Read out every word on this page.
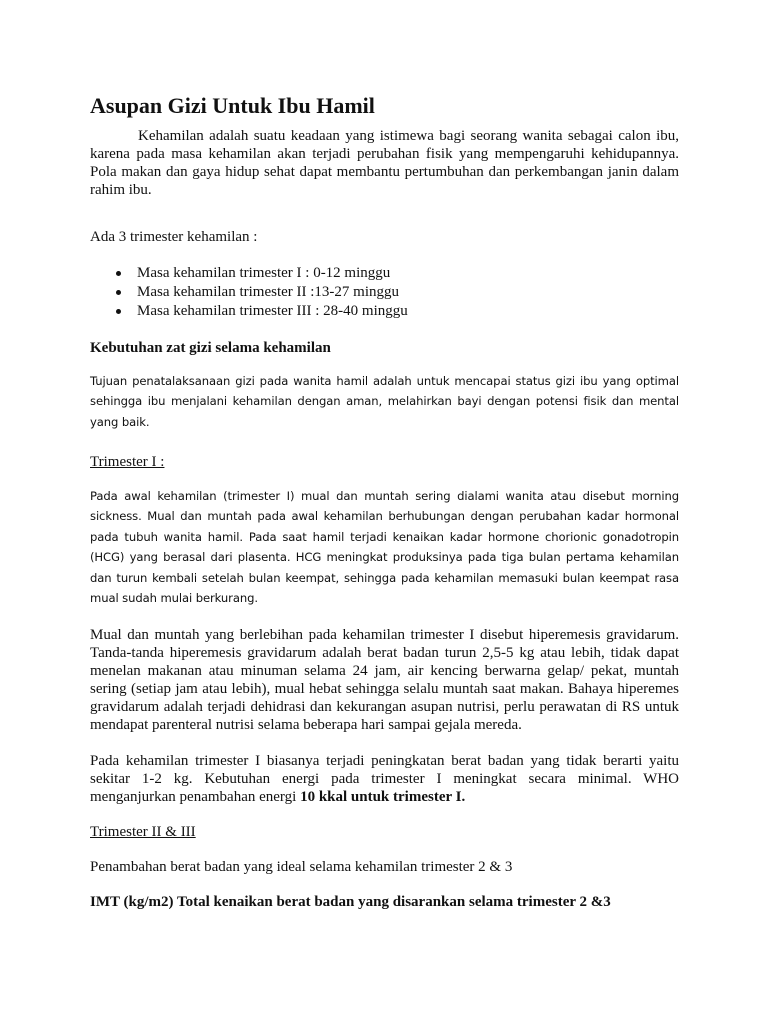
Asupan Gizi Untuk Ibu Hamil

Kehamilan adalah suatu keadaan yang istimewa bagi seorang wanita sebagai calon ibu, karena pada masa kehamilan akan terjadi perubahan fisik yang mempengaruhi kehidupannya. Pola makan dan gaya hidup sehat dapat membantu pertumbuhan dan perkembangan janin dalam rahim ibu.

Ada 3 trimester kehamilan :

Masa kehamilan trimester I : 0-12 minggu
Masa kehamilan trimester II :13-27 minggu
Masa kehamilan trimester III : 28-40 minggu

Kebutuhan zat gizi selama kehamilan

Tujuan penatalaksanaan gizi pada wanita hamil adalah untuk mencapai status gizi ibu yang optimal sehingga ibu menjalani kehamilan dengan aman, melahirkan bayi dengan potensi fisik dan mental yang baik.

Trimester I :

Pada awal kehamilan (trimester I) mual dan muntah sering dialami wanita atau disebut morning sickness. Mual dan muntah pada awal kehamilan berhubungan dengan perubahan kadar hormonal pada tubuh wanita hamil. Pada saat hamil terjadi kenaikan kadar hormone chorionic gonadotropin (HCG) yang berasal dari plasenta. HCG meningkat produksinya pada tiga bulan pertama kehamilan dan turun kembali setelah bulan keempat, sehingga pada kehamilan memasuki bulan keempat rasa mual sudah mulai berkurang.

Mual dan muntah yang berlebihan pada kehamilan trimester I disebut hiperemesis gravidarum. Tanda-tanda hiperemesis gravidarum adalah berat badan turun 2,5-5 kg atau lebih, tidak dapat menelan makanan atau minuman selama 24 jam, air kencing berwarna gelap/ pekat, muntah sering (setiap jam atau lebih), mual hebat sehingga selalu muntah saat makan. Bahaya hiperemes gravidarum adalah terjadi dehidrasi dan kekurangan asupan nutrisi, perlu perawatan di RS untuk mendapat parenteral nutrisi selama beberapa hari sampai gejala mereda.

Pada kehamilan trimester I biasanya terjadi peningkatan berat badan yang tidak berarti yaitu sekitar 1-2 kg. Kebutuhan energi pada trimester I meningkat secara minimal. WHO menganjurkan penambahan energi 10 kkal untuk trimester I.

Trimester II & III

Penambahan berat badan yang ideal selama kehamilan trimester 2 & 3

IMT (kg/m2) Total kenaikan berat badan yang disarankan selama trimester 2 &3
